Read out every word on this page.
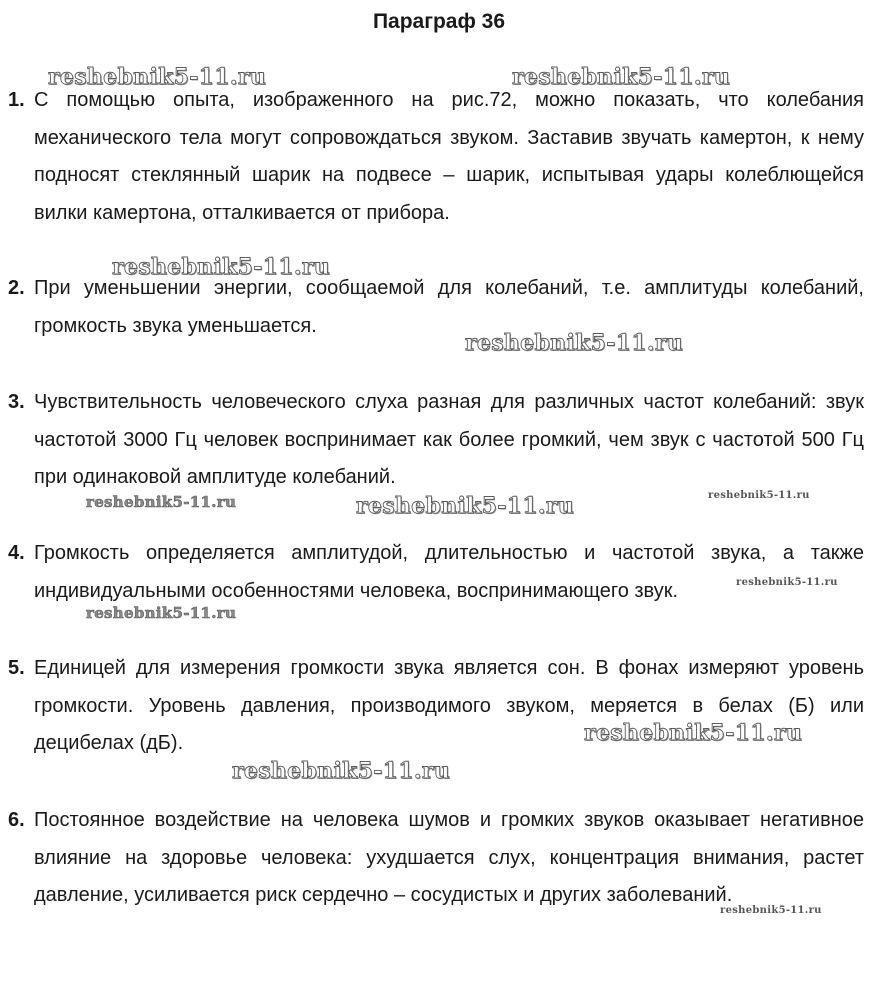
Параграф 36
1. С помощью опыта, изображенного на рис.72, можно показать, что колебания механического тела могут сопровождаться звуком. Заставив звучать камертон, к нему подносят стеклянный шарик на подвесе – шарик, испытывая удары колеблющейся вилки камертона, отталкивается от прибора.
2. При уменьшении энергии, сообщаемой для колебаний, т.е. амплитуды колебаний, громкость звука уменьшается.
3. Чувствительность человеческого слуха разная для различных частот колебаний: звук частотой 3000 Гц человек воспринимает как более громкий, чем звук с частотой 500 Гц при одинаковой амплитуде колебаний.
4. Громкость определяется амплитудой, длительностью и частотой звука, а также индивидуальными особенностями человека, воспринимающего звук.
5. Единицей для измерения громкости звука является сон. В фонах измеряют уровень громкости. Уровень давления, производимого звуком, меряется в белах (Б) или децибелах (дБ).
6. Постоянное воздействие на человека шумов и громких звуков оказывает негативное влияние на здоровье человека: ухудшается слух, концентрация внимания, растет давление, усиливается риск сердечно – сосудистых и других заболеваний.
reshebnik5-11.ru	reshebnik5-11.ru
reshebnik5-11.ru
reshebnik5-11.ru
reshebnik5-11.ru	reshebnik5-11.ru	reshebnik5-11.ru
reshebnik5-11.ru
reshebnik5-11.ru
reshebnik5-11.ru
reshebnik5-11.ru
reshebnik5-11.ru
